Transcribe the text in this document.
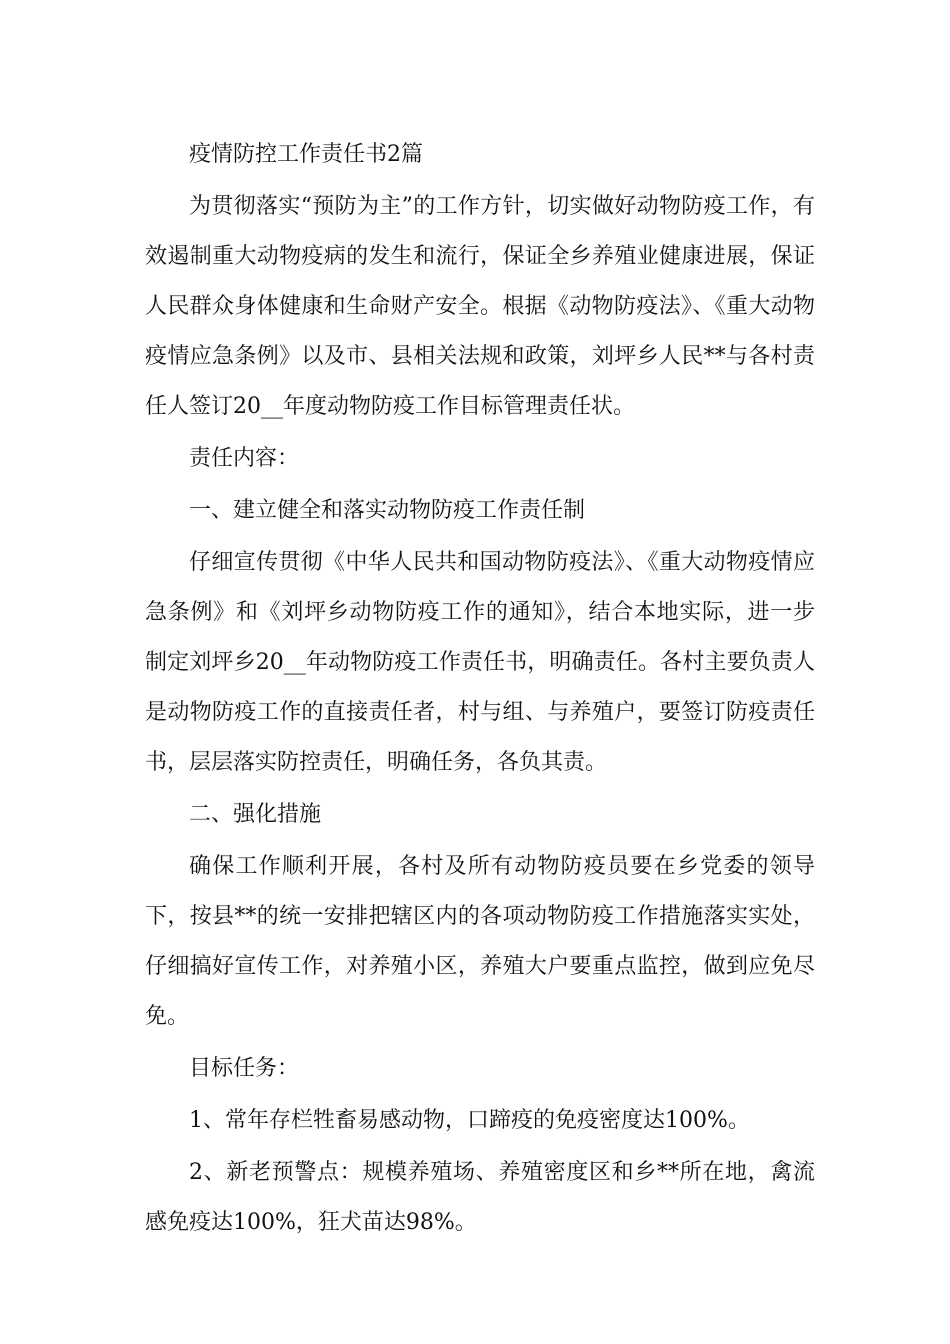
疫情防控工作责任书2篇

为贯彻落实“预防为主”的工作方针，切实做好动物防疫工作，有效遏制重大动物疫病的发生和流行，保证全乡养殖业健康进展，保证人民群众身体健康和生命财产安全。根据《动物防疫法》、《重大动物疫情应急条例》以及市、县相关法规和政策，刘坪乡人民**与各村责任人签订20__年度动物防疫工作目标管理责任状。

责任内容：

一、建立健全和落实动物防疫工作责任制

仔细宣传贯彻《中华人民共和国动物防疫法》、《重大动物疫情应急条例》和《刘坪乡动物防疫工作的通知》，结合本地实际，进一步制定刘坪乡20__年动物防疫工作责任书，明确责任。各村主要负责人是动物防疫工作的直接责任者，村与组、与养殖户，要签订防疫责任书，层层落实防控责任，明确任务，各负其责。

二、强化措施

确保工作顺利开展，各村及所有动物防疫员要在乡党委的领导下，按县**的统一安排把辖区内的各项动物防疫工作措施落实实处，仔细搞好宣传工作，对养殖小区，养殖大户要重点监控，做到应免尽免。

目标任务：

1、常年存栏牲畜易感动物，口蹄疫的免疫密度达100%。

2、新老预警点：规模养殖场、养殖密度区和乡**所在地，禽流感免疫达100%，狂犬苗达98%。
